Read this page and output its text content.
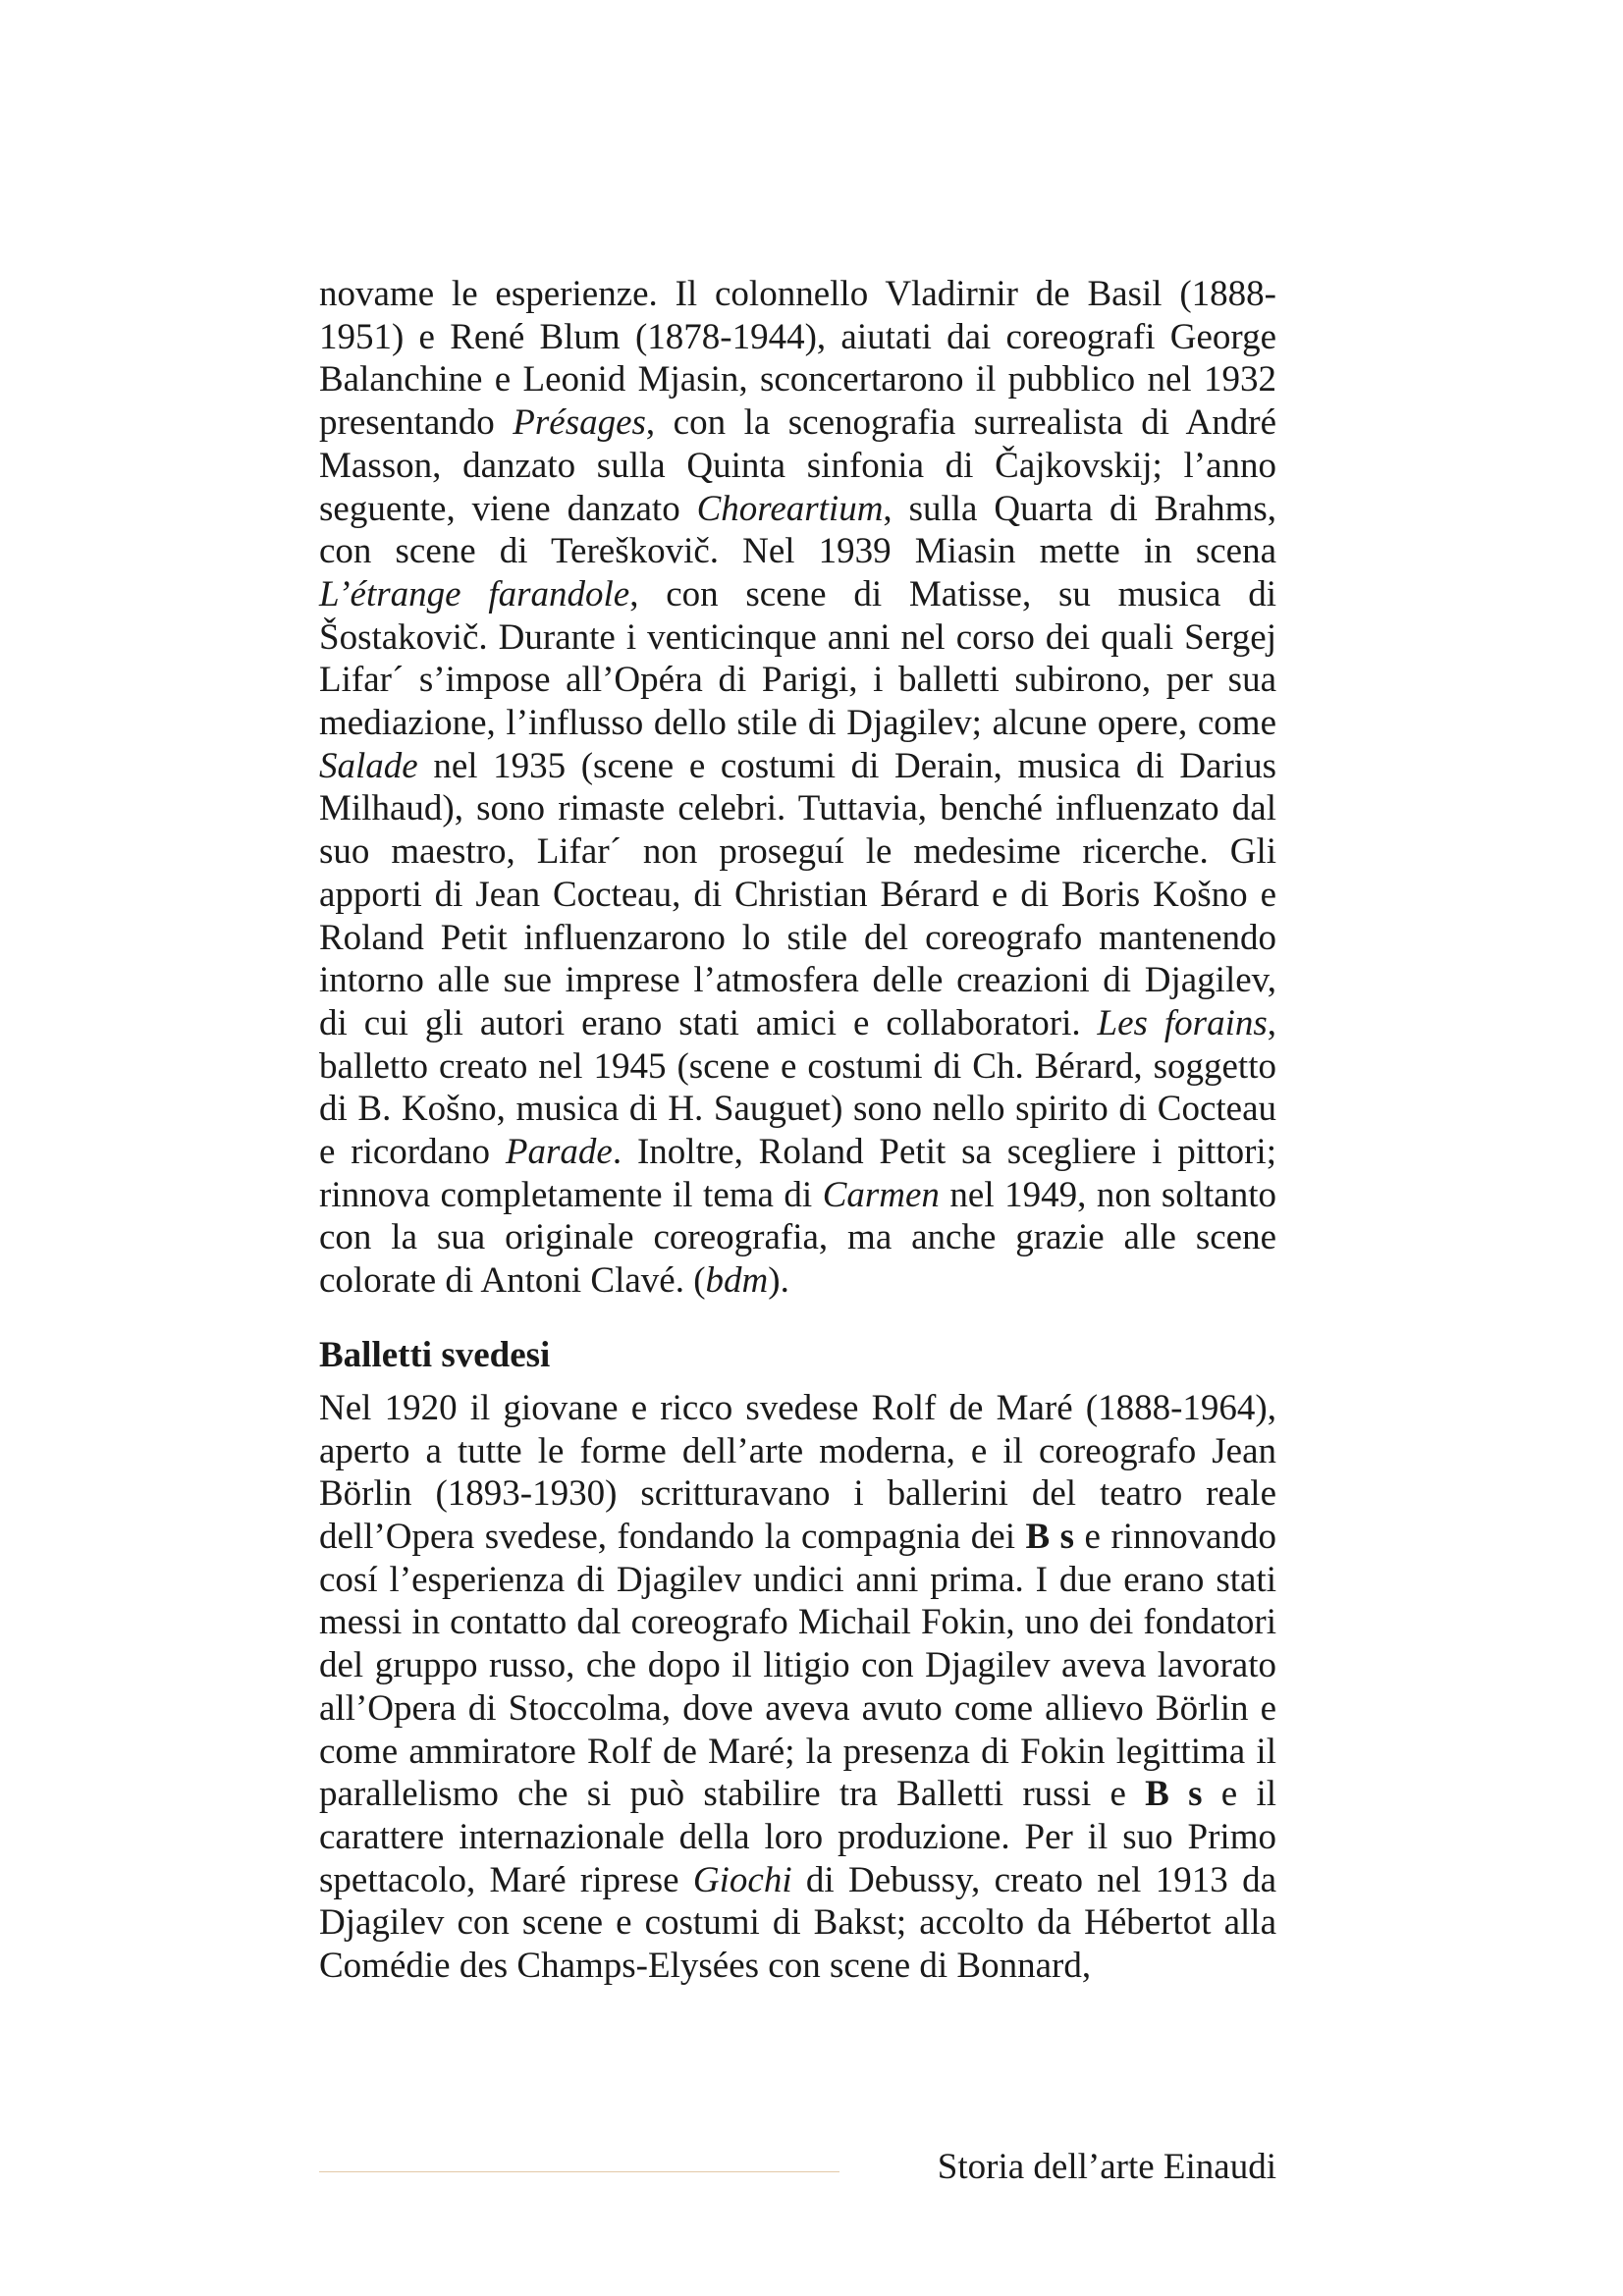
novame le esperienze. Il colonnello Vladirnir de Basil (1888-1951) e René Blum (1878-1944), aiutati dai coreografi George Balanchine e Leonid Mjasin, sconcertarono il pubblico nel 1932 presentando Présages, con la scenografia surrealista di André Masson, danzato sulla Quinta sinfonia di Čajkovskij; l’anno seguente, viene danzato Choreartium, sulla Quarta di Brahms, con scene di Tereškovič. Nel 1939 Miasin mette in scena L’étrange farandole, con scene di Matisse, su musica di Šostakovič. Durante i venticinque anni nel corso dei quali Sergej Lifar´ s’impose all’Opéra di Parigi, i balletti subirono, per sua mediazione, l’influsso dello stile di Djagilev; alcune opere, come Salade nel 1935 (scene e costumi di Derain, musica di Darius Milhaud), sono rimaste celebri. Tuttavia, benché influenzato dal suo maestro, Lifar´ non proseguí le medesime ricerche. Gli apporti di Jean Cocteau, di Christian Bérard e di Boris Košno e Roland Petit influenzarono lo stile del coreografo mantenendo intorno alle sue imprese l’atmosfera delle creazioni di Djagilev, di cui gli autori erano stati amici e collaboratori. Les forains, balletto creato nel 1945 (scene e costumi di Ch. Bérard, soggetto di B. Košno, musica di H. Sauguet) sono nello spirito di Cocteau e ricordano Parade. Inoltre, Roland Petit sa scegliere i pittori; rinnova completamente il tema di Carmen nel 1949, non soltanto con la sua originale coreografia, ma anche grazie alle scene colorate di Antoni Clavé. (bdm).

Balletti svedesi

Nel 1920 il giovane e ricco svedese Rolf de Maré (1888-1964), aperto a tutte le forme dell’arte moderna, e il coreografo Jean Börlin (1893-1930) scritturavano i ballerini del teatro reale dell’Opera svedese, fondando la compagnia dei B s e rinnovando cosí l’esperienza di Djagilev undici anni prima. I due erano stati messi in contatto dal coreografo Michail Fokin, uno dei fondatori del gruppo russo, che dopo il litigio con Djagilev aveva lavorato all’Opera di Stoccolma, dove aveva avuto come allievo Börlin e come ammiratore Rolf de Maré; la presenza di Fokin legittima il parallelismo che si può stabilire tra Balletti russi e B s e il carattere internazionale della loro produzione. Per il suo Primo spettacolo, Maré riprese Giochi di Debussy, creato nel 1913 da Djagilev con scene e costumi di Bakst; accolto da Hébertot alla Comédie des Champs-Elysées con scene di Bonnard,

Storia dell’arte Einaudi
